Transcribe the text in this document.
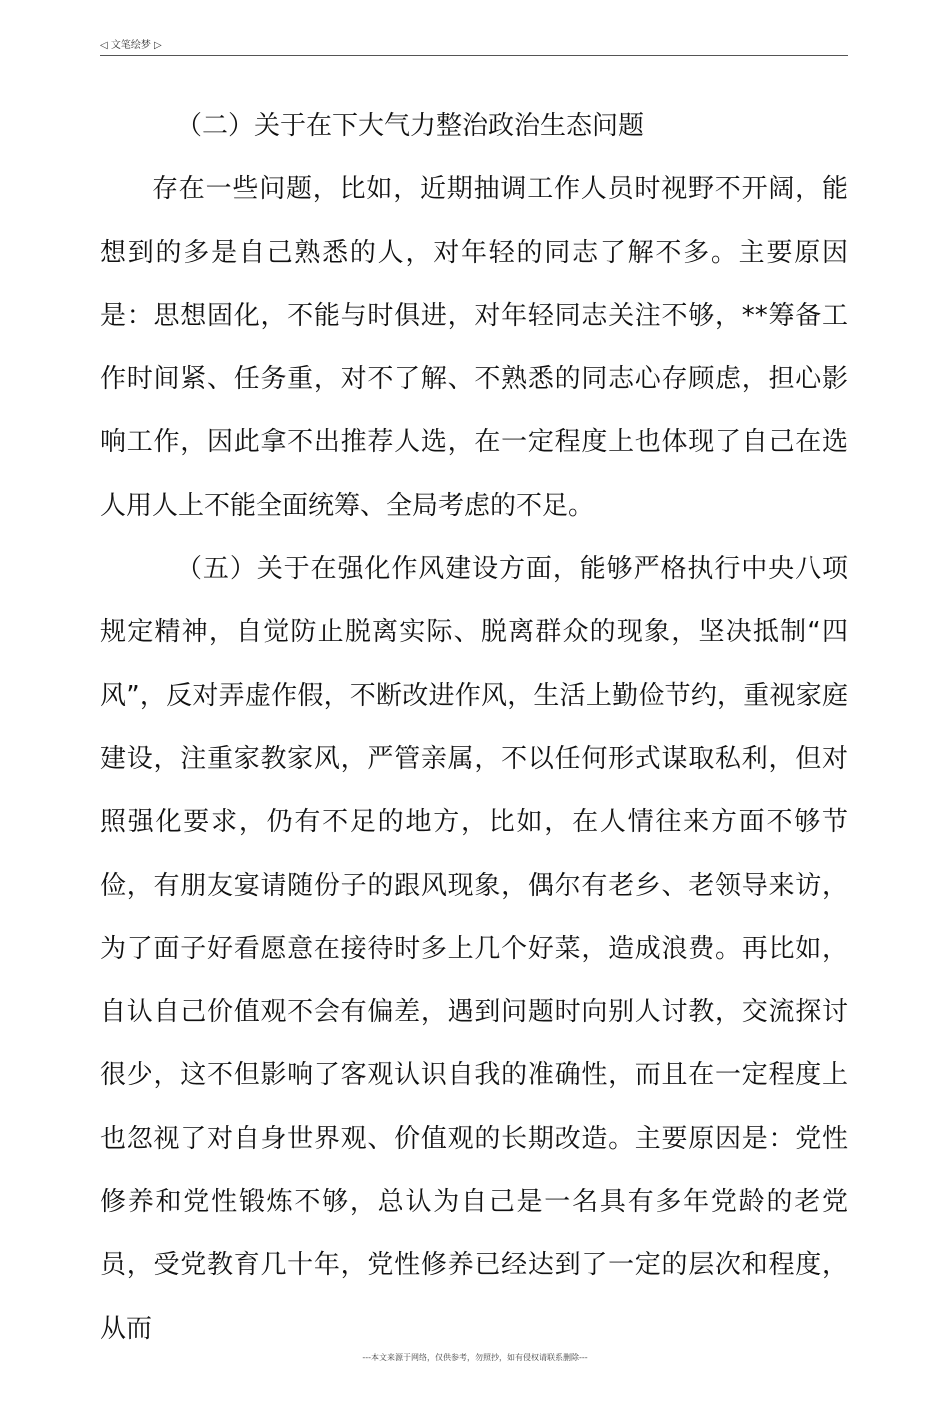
◁ 文笔绘梦 ▷

（二）关于在下大气力整治政治生态问题

存在一些问题，比如，近期抽调工作人员时视野不开阔，能想到的多是自己熟悉的人，对年轻的同志了解不多。主要原因是：思想固化，不能与时俱进，对年轻同志关注不够，**筹备工作时间紧、任务重，对不了解、不熟悉的同志心存顾虑，担心影响工作，因此拿不出推荐人选，在一定程度上也体现了自己在选人用人上不能全面统筹、全局考虑的不足。

（五）关于在强化作风建设方面，能够严格执行中央八项规定精神，自觉防止脱离实际、脱离群众的现象，坚决抵制“四风”，反对弄虚作假，不断改进作风，生活上勤俭节约，重视家庭建设，注重家教家风，严管亲属，不以任何形式谋取私利，但对照强化要求，仍有不足的地方，比如，在人情往来方面不够节俭，有朋友宴请随份子的跟风现象，偶尔有老乡、老领导来访，为了面子好看愿意在接待时多上几个好菜，造成浪费。再比如，自认自己价值观不会有偏差，遇到问题时向别人讨教，交流探讨很少，这不但影响了客观认识自我的准确性，而且在一定程度上也忽视了对自身世界观、价值观的长期改造。主要原因是：党性修养和党性锻炼不够，总认为自己是一名具有多年党龄的老党员，受党教育几十年，党性修养已经达到了一定的层次和程度，从而

---本文来源于网络，仅供参考，勿照抄，如有侵权请联系删除---
